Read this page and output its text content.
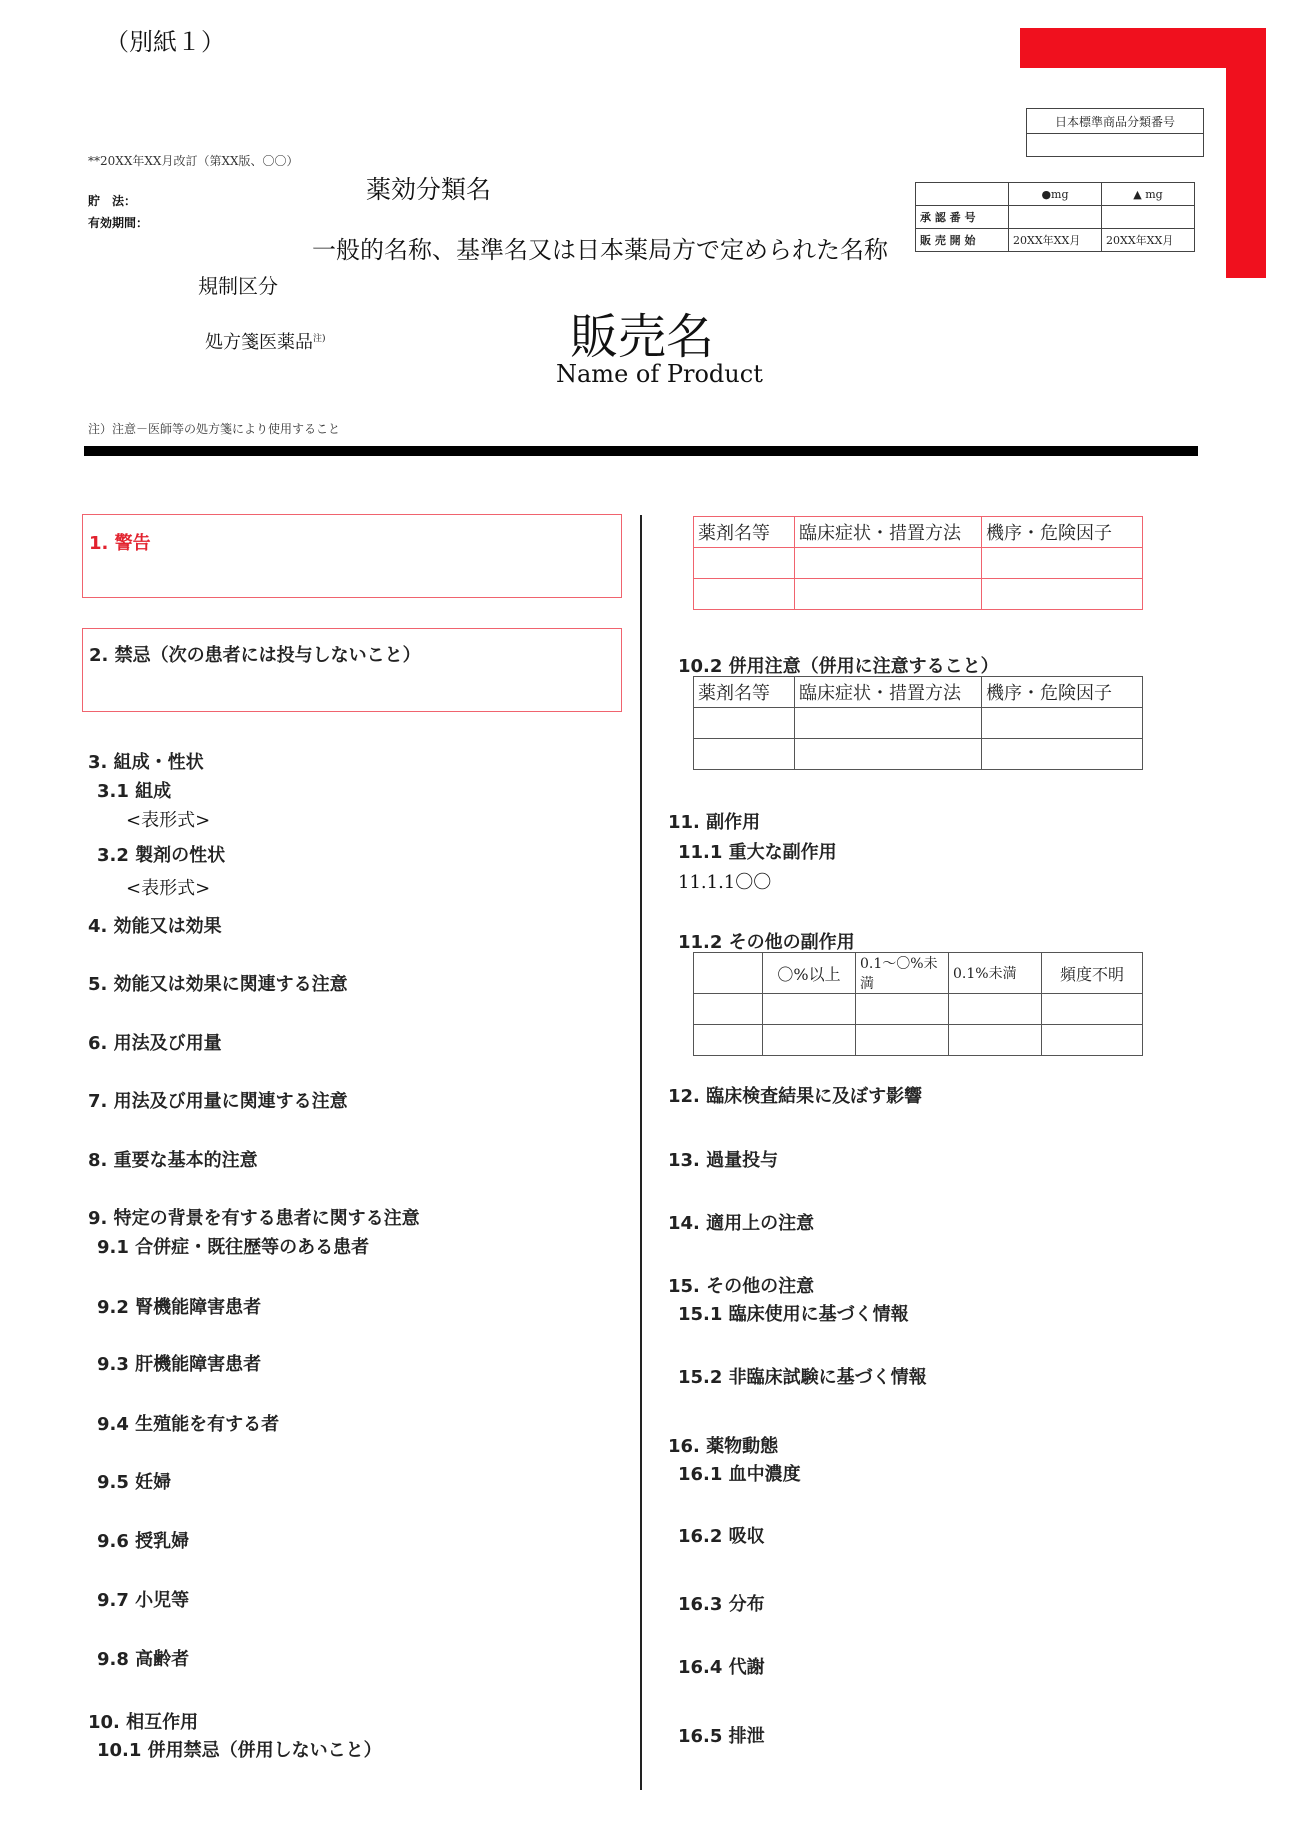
（別紙１）
**20XX年XX月改訂（第XX版、〇〇）
貯　法：
有効期間：
薬効分類名
一般的名称、基準名又は日本薬局方で定められた名称
規制区分
処方箋医薬品$^{注)}$	販売名
Name of Product
注）注意－医師等の処方箋により使用すること
日本標準商品分類番号

	●mg	▲ mg
承 認 番 号		
販 売 開 始	20XX年XX月	20XX年XX月
1. 警告
2. 禁忌（次の患者には投与しないこと）
3. 組成・性状
3.1 組成
<表形式>
3.2 製剤の性状
<表形式>
4. 効能又は効果
5. 効能又は効果に関連する注意
6. 用法及び用量
7. 用法及び用量に関連する注意
8. 重要な基本的注意
9. 特定の背景を有する患者に関する注意
9.1 合併症・既往歴等のある患者
9.2 腎機能障害患者
9.3 肝機能障害患者
9.4 生殖能を有する者
9.5 妊婦
9.6 授乳婦
9.7 小児等
9.8 高齢者
10. 相互作用
10.1 併用禁忌（併用しないこと）
薬剤名等	臨床症状・措置方法	機序・危険因子

10.2 併用注意（併用に注意すること）
薬剤名等	臨床症状・措置方法	機序・危険因子

11. 副作用
11.1 重大な副作用
11.1.1〇〇
11.2 その他の副作用
	〇%以上	0.1～〇%未満	0.1%未満	頻度不明

12. 臨床検査結果に及ぼす影響
13. 過量投与
14. 適用上の注意
15. その他の注意
15.1 臨床使用に基づく情報
15.2 非臨床試験に基づく情報
16. 薬物動態
16.1 血中濃度
16.2 吸収
16.3 分布
16.4 代謝
16.5 排泄
